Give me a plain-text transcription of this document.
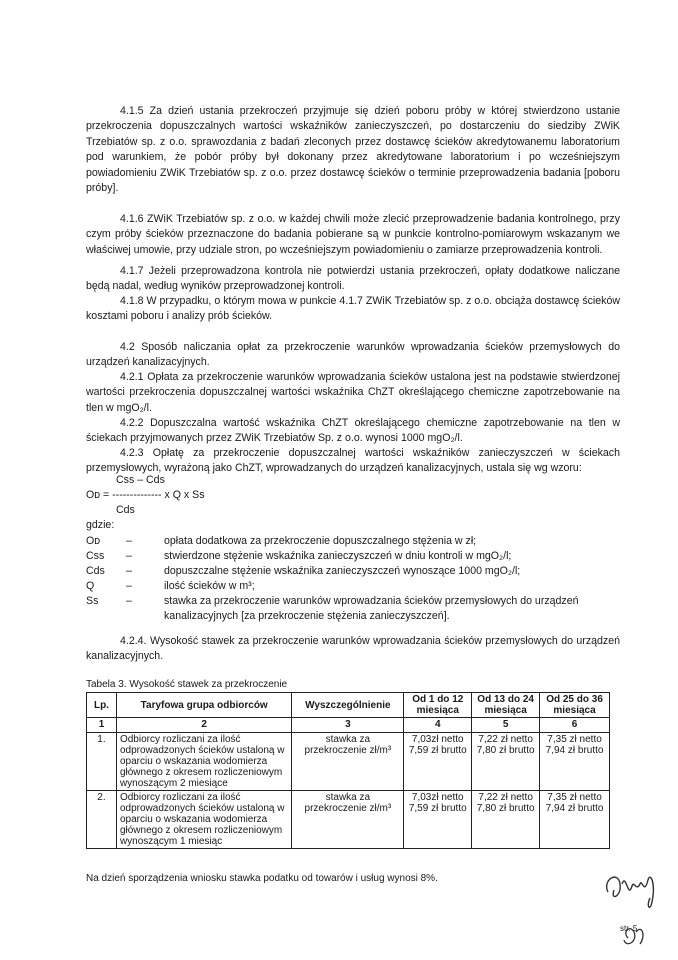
4.1.5 Za dzień ustania przekroczeń przyjmuje się dzień poboru próby w której stwierdzono ustanie przekroczenia dopuszczalnych wartości wskaźników zanieczyszczeń, po dostarczeniu do siedziby ZWiK Trzebiatów sp. z o.o. sprawozdania z badań zleconych przez dostawcę ścieków akredytowanemu laboratorium pod warunkiem, że pobór próby był dokonany przez akredytowane laboratorium i po wcześniejszym powiadomieniu ZWiK Trzebiatów sp. z o.o. przez dostawcę ścieków o terminie przeprowadzenia badania [poboru próby].
4.1.6 ZWiK Trzebiatów sp. z o.o. w każdej chwili może zlecić przeprowadzenie badania kontrolnego, przy czym próby ścieków przeznaczone do badania pobierane są w punkcie kontrolno-pomiarowym wskazanym we właściwej umowie, przy udziale stron, po wcześniejszym powiadomieniu o zamiarze przeprowadzenia kontroli.
4.1.7 Jeżeli przeprowadzona kontrola nie potwierdzi ustania przekroczeń, opłaty dodatkowe naliczane będą nadal, według wyników przeprowadzonej kontroli.
4.1.8 W przypadku, o którym mowa w punkcie 4.1.7 ZWiK Trzebiatów sp. z o.o. obciąża dostawcę ścieków kosztami poboru i analizy prób ścieków.
4.2 Sposób naliczania opłat za przekroczenie warunków wprowadzania ścieków przemysłowych do urządzeń kanalizacyjnych.
4.2.1 Opłata za przekroczenie warunków wprowadzania ścieków ustalona jest na podstawie stwierdzonej wartości przekroczenia dopuszczalnej wartości wskaźnika ChZT określającego chemiczne zapotrzebowanie na tlen w mgO₂/l.
4.2.2 Dopuszczalna wartość wskaźnika ChZT określającego chemiczne zapotrzebowanie na tlen w ściekach przyjmowanych przez ZWiK Trzebiatów Sp. z o.o. wynosi 1000 mgO₂/l.
4.2.3 Opłatę za przekroczenie dopuszczalnej wartości wskaźników zanieczyszczeń w ściekach przemysłowych, wyrażoną jako ChZT, wprowadzanych do urządzeń kanalizacyjnych, ustala się wg wzoru:
Css – Cds
Oᴅ = -------------- x Q x Ss
Cds
gdzie:
Oᴅ	–	opłata dodatkowa za przekroczenie dopuszczalnego stężenia w zł;
Css	–	stwierdzone stężenie wskaźnika zanieczyszczeń w dniu kontroli w mgO₂/l;
Cds	–	dopuszczalne stężenie wskaźnika zanieczyszczeń wynoszące 1000 mgO₂/l;
Q	–	ilość ścieków w m³;
Ss	–	stawka za przekroczenie warunków wprowadzania ścieków przemysłowych do urządzeń kanalizacyjnych [za przekroczenie stężenia zanieczyszczeń].
4.2.4. Wysokość stawek za przekroczenie warunków wprowadzania ścieków przemysłowych do urządzeń kanalizacyjnych.
Tabela 3. Wysokość stawek za przekroczenie
Lp.	Taryfowa grupa odbiorców	Wyszczególnienie	Od 1 do 12 miesiąca	Od 13 do 24 miesiąca	Od 25 do 36 miesiąca
1	2	3	4	5	6
1.	Odbiorcy rozliczani za ilość odprowadzonych ścieków ustaloną w oparciu o wskazania wodomierza głównego z okresem rozliczeniowym wynoszącym 2 miesiące	stawka za przekroczenie zł/m³	7,03zł netto 7,59 zł brutto	7,22 zł netto 7,80 zł brutto	7,35 zł netto 7,94 zł brutto
2.	Odbiorcy rozliczani za ilość odprowadzonych ścieków ustaloną w oparciu o wskazania wodomierza głównego z okresem rozliczeniowym wynoszącym 1 miesiąc	stawka za przekroczenie zł/m³	7,03zł netto 7,59 zł brutto	7,22 zł netto 7,80 zł brutto	7,35 zł netto 7,94 zł brutto
Na dzień sporządzenia wniosku stawka podatku od towarów i usług wynosi 8%.
str. 5
